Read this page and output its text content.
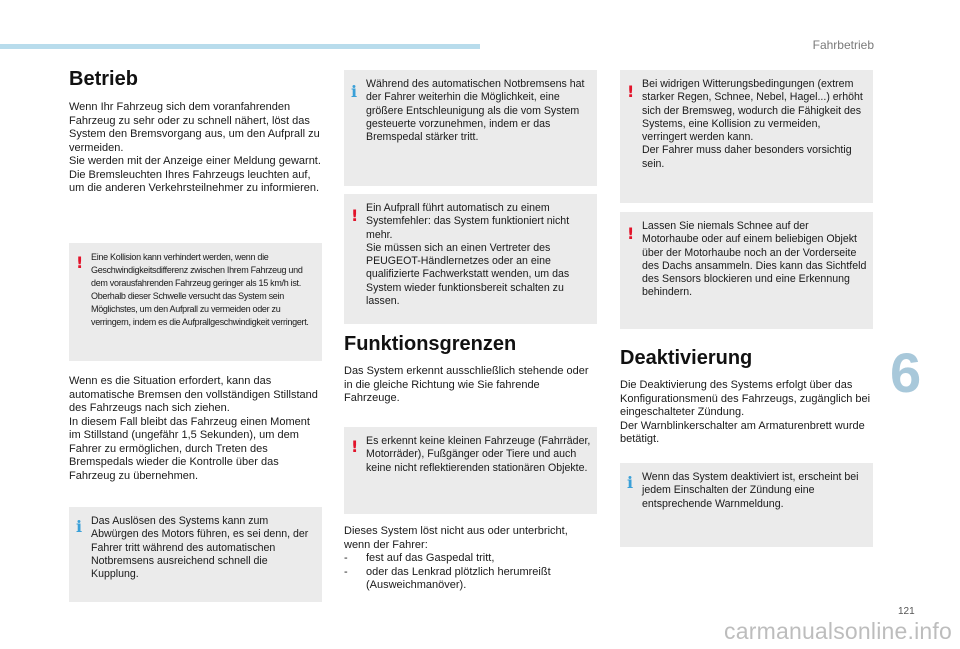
Fahrbetrieb
6
121
carmanualsonline.info
Betrieb

Wenn Ihr Fahrzeug sich dem voranfahrenden Fahrzeug zu sehr oder zu schnell nähert, löst das System den Bremsvorgang aus, um den Aufprall zu vermeiden.
Sie werden mit der Anzeige einer Meldung gewarnt.
Die Bremsleuchten Ihres Fahrzeugs leuchten auf, um die anderen Verkehrsteilnehmer zu informieren.

! Eine Kollision kann verhindert werden, wenn die Geschwindigkeitsdifferenz zwischen Ihrem Fahrzeug und dem vorausfahrenden Fahrzeug geringer als 15 km/h ist. Oberhalb dieser Schwelle versucht das System sein Möglichstes, um den Aufprall zu vermeiden oder zu verringern, indem es die Aufprallgeschwindigkeit verringert.

Wenn es die Situation erfordert, kann das automatische Bremsen den vollständigen Stillstand des Fahrzeugs nach sich ziehen.
In diesem Fall bleibt das Fahrzeug einen Moment im Stillstand (ungefähr 1,5 Sekunden), um dem Fahrer zu ermöglichen, durch Treten des Bremspedals wieder die Kontrolle über das Fahrzeug zu übernehmen.

i Das Auslösen des Systems kann zum Abwürgen des Motors führen, es sei denn, der Fahrer tritt während des automatischen Notbremsens ausreichend schnell die Kupplung.

i Während des automatischen Notbremsens hat der Fahrer weiterhin die Möglichkeit, eine größere Entschleunigung als die vom System gesteuerte vorzunehmen, indem er das Bremspedal stärker tritt.

! Ein Aufprall führt automatisch zu einem Systemfehler: das System funktioniert nicht mehr.
Sie müssen sich an einen Vertreter des PEUGEOT-Händlernetzes oder an eine qualifizierte Fachwerkstatt wenden, um das System wieder funktionsbereit schalten zu lassen.

Funktionsgrenzen

Das System erkennt ausschließlich stehende oder in die gleiche Richtung wie Sie fahrende Fahrzeuge.

! Es erkennt keine kleinen Fahrzeuge (Fahrräder, Motorräder), Fußgänger oder Tiere und auch keine nicht reflektierenden stationären Objekte.

Dieses System löst nicht aus oder unterbricht, wenn der Fahrer:

-	fest auf das Gaspedal tritt,
-	oder das Lenkrad plötzlich herumreißt (Ausweichmanöver).
! Bei widrigen Witterungsbedingungen (extrem starker Regen, Schnee, Nebel, Hagel...) erhöht sich der Bremsweg, wodurch die Fähigkeit des Systems, eine Kollision zu vermeiden, verringert werden kann.
Der Fahrer muss daher besonders vorsichtig sein.

! Lassen Sie niemals Schnee auf der Motorhaube oder auf einem beliebigen Objekt über der Motorhaube noch an der Vorderseite des Dachs ansammeln. Dies kann das Sichtfeld des Sensors blockieren und eine Erkennung behindern.

Deaktivierung

Die Deaktivierung des Systems erfolgt über das Konfigurationsmenü des Fahrzeugs, zugänglich bei eingeschalteter Zündung.
Der Warnblinkerschalter am Armaturenbrett wurde betätigt.

i Wenn das System deaktiviert ist, erscheint bei jedem Einschalten der Zündung eine entsprechende Warnmeldung.
